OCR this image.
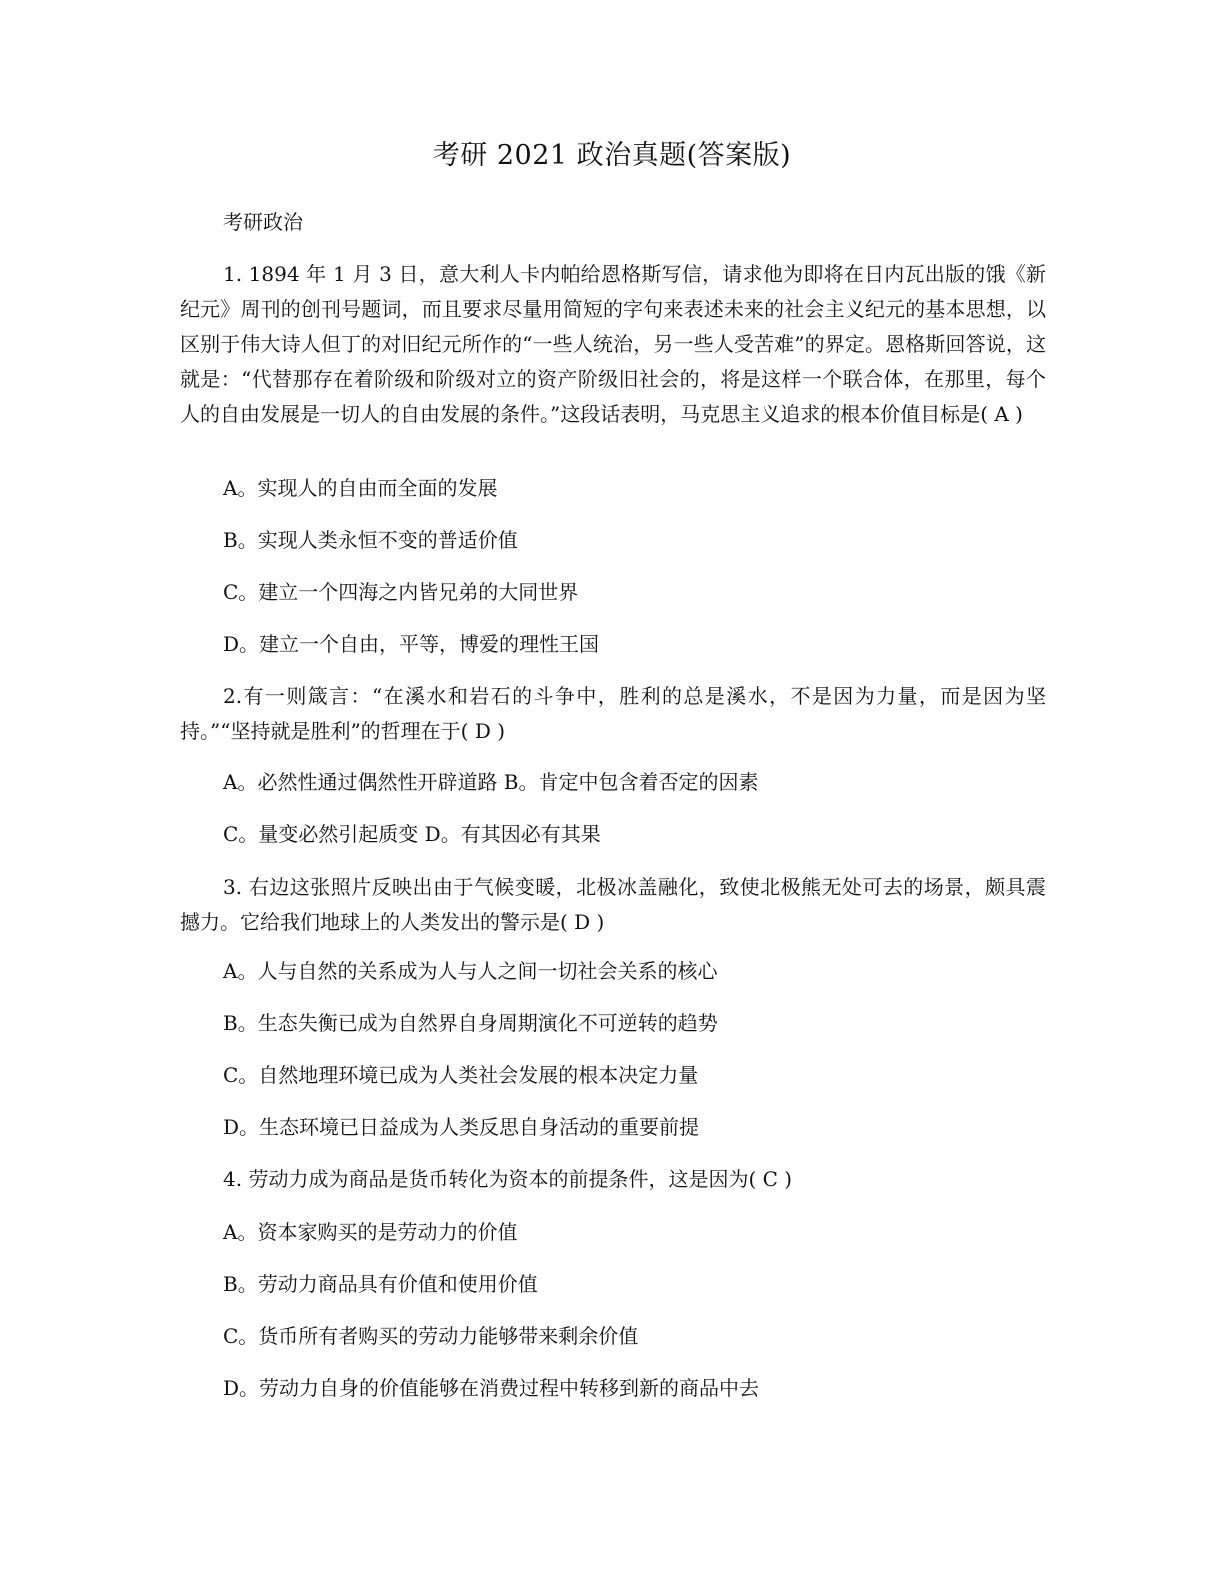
考研 2021 政治真题(答案版)
考研政治
1. 1894 年 1 月 3 日，意大利人卡内帕给恩格斯写信，请求他为即将在日内瓦出版的饿《新纪元》周刊的创刊号题词，而且要求尽量用简短的字句来表述未来的社会主义纪元的基本思想，以区别于伟大诗人但丁的对旧纪元所作的“一些人统治，另一些人受苦难”的界定。恩格斯回答说，这就是：“代替那存在着阶级和阶级对立的资产阶级旧社会的，将是这样一个联合体，在那里，每个人的自由发展是一切人的自由发展的条件。”这段话表明，马克思主义追求的根本价值目标是( A )
A。实现人的自由而全面的发展
B。实现人类永恒不变的普适价值
C。建立一个四海之内皆兄弟的大同世界
D。建立一个自由，平等，博爱的理性王国
2.有一则箴言：“在溪水和岩石的斗争中，胜利的总是溪水，不是因为力量，而是因为坚持。”“坚持就是胜利”的哲理在于( D )
A。必然性通过偶然性开辟道路 B。肯定中包含着否定的因素
C。量变必然引起质变 D。有其因必有其果
3. 右边这张照片反映出由于气候变暖，北极冰盖融化，致使北极熊无处可去的场景，颇具震撼力。它给我们地球上的人类发出的警示是( D )
A。人与自然的关系成为人与人之间一切社会关系的核心
B。生态失衡已成为自然界自身周期演化不可逆转的趋势
C。自然地理环境已成为人类社会发展的根本决定力量
D。生态环境已日益成为人类反思自身活动的重要前提
4. 劳动力成为商品是货币转化为资本的前提条件，这是因为( C )
A。资本家购买的是劳动力的价值
B。劳动力商品具有价值和使用价值
C。货币所有者购买的劳动力能够带来剩余价值
D。劳动力自身的价值能够在消费过程中转移到新的商品中去
